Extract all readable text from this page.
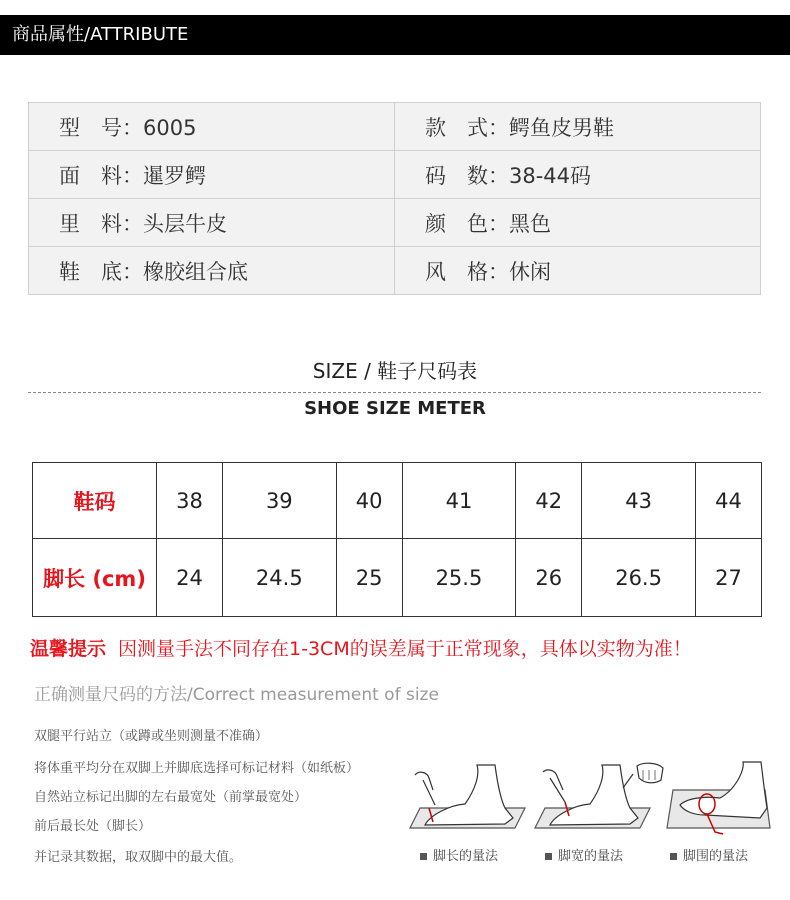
商品属性/ATTRIBUTE
型　号：6005	款　式：鳄鱼皮男鞋
面　料：暹罗鳄	码　数：38-44码
里　料：头层牛皮	颜　色：黑色
鞋　底：橡胶组合底	风　格：休闲
SIZE / 鞋子尺码表
SHOE SIZE METER
鞋码	38	39	40	41	42	43	44
脚长 (cm)	24	24.5	25	25.5	26	26.5	27
温馨提示 因测量手法不同存在1-3CM的误差属于正常现象，具体以实物为准！
正确测量尺码的方法/Correct measurement of size
双腿平行站立（或蹲或坐则测量不准确）
将体重平均分在双脚上并脚底选择可标记材料（如纸板）
自然站立标记出脚的左右最宽处（前掌最宽处）
前后最长处（脚长）
并记录其数据，取双脚中的最大值。	脚长的量法	脚宽的量法	脚围的量法
